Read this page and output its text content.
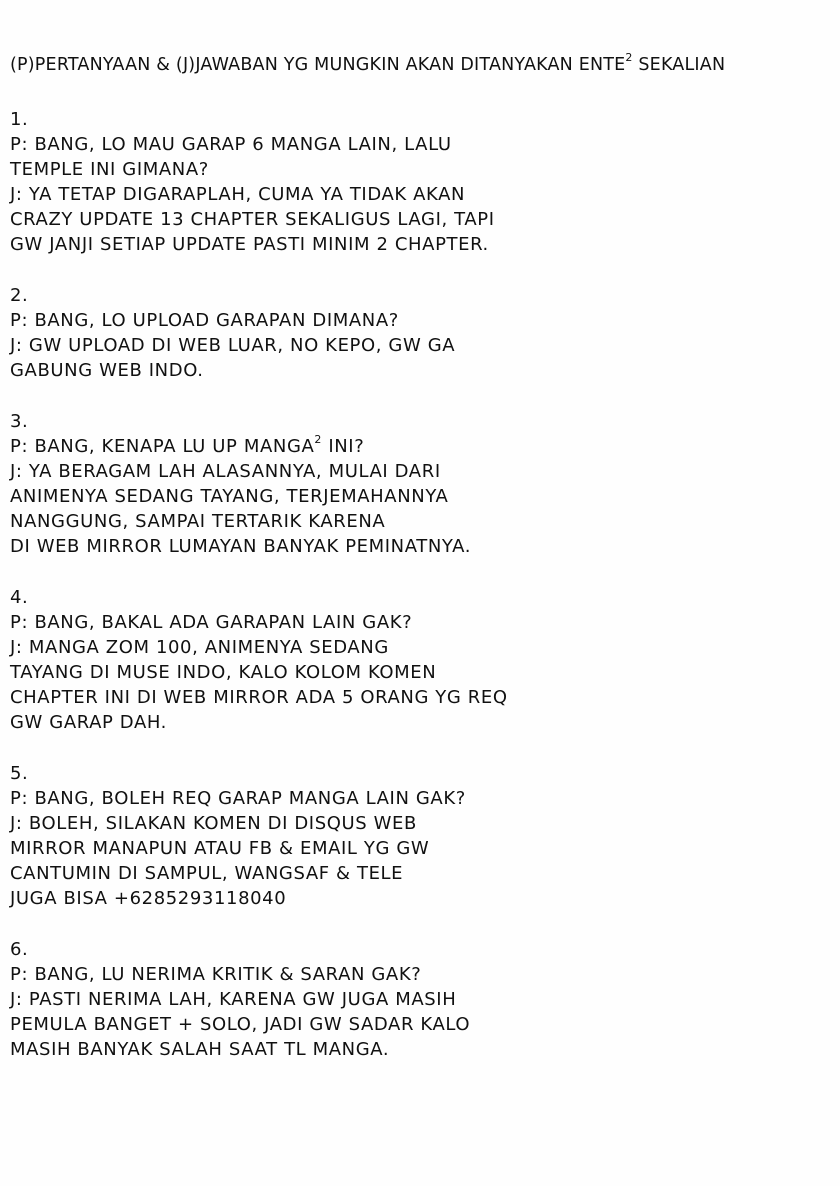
(P)PERTANYAAN & (J)JAWABAN YG MUNGKIN AKAN DITANYAKAN ENTE$^2$ SEKALIAN
1.
P: BANG, LO MAU GARAP 6 MANGA LAIN, LALU
TEMPLE INI GIMANA?
J: YA TETAP DIGARAPLAH, CUMA YA TIDAK AKAN
CRAZY UPDATE 13 CHAPTER SEKALIGUS LAGI, TAPI
GW JANJI SETIAP UPDATE PASTI MINIM 2 CHAPTER.
2.
P: BANG, LO UPLOAD GARAPAN DIMANA?
J: GW UPLOAD DI WEB LUAR, NO KEPO, GW GA
GABUNG WEB INDO.
3.
P: BANG, KENAPA LU UP MANGA$^2$ INI?
J: YA BERAGAM LAH ALASANNYA, MULAI DARI
ANIMENYA SEDANG TAYANG, TERJEMAHANNYA
NANGGUNG, SAMPAI TERTARIK KARENA
DI WEB MIRROR LUMAYAN BANYAK PEMINATNYA.
4.
P: BANG, BAKAL ADA GARAPAN LAIN GAK?
J: MANGA ZOM 100, ANIMENYA SEDANG
TAYANG DI MUSE INDO, KALO KOLOM KOMEN
CHAPTER INI DI WEB MIRROR ADA 5 ORANG YG REQ
GW GARAP DAH.
5.
P: BANG, BOLEH REQ GARAP MANGA LAIN GAK?
J: BOLEH, SILAKAN KOMEN DI DISQUS WEB
MIRROR MANAPUN ATAU FB & EMAIL YG GW
CANTUMIN DI SAMPUL, WANGSAF & TELE
JUGA BISA +6285293118040
6.
P: BANG, LU NERIMA KRITIK & SARAN GAK?
J: PASTI NERIMA LAH, KARENA GW JUGA MASIH
PEMULA BANGET + SOLO, JADI GW SADAR KALO
MASIH BANYAK SALAH SAAT TL MANGA.
